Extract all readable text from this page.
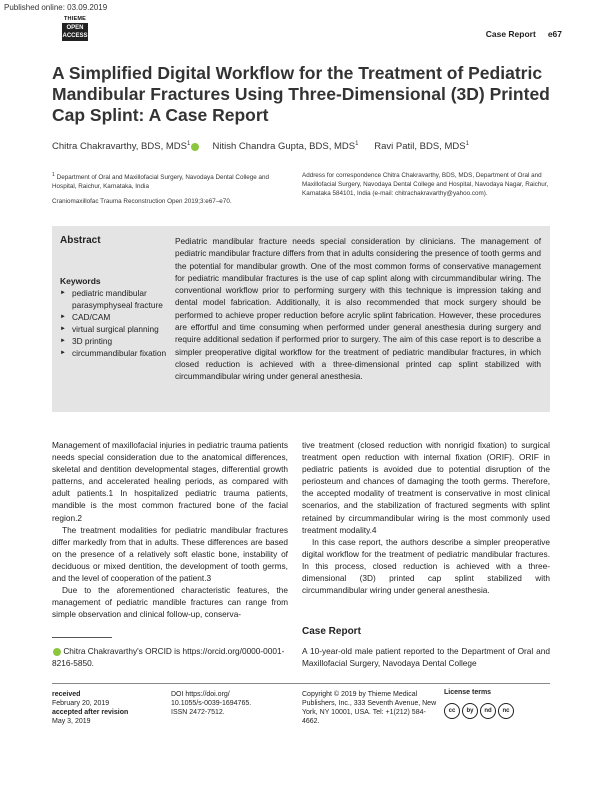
Published online: 03.09.2019
THIEME
OPEN
ACCESS	Case Report e67
A Simplified Digital Workflow for the Treatment of Pediatric Mandibular Fractures Using Three-Dimensional (3D) Printed Cap Splint: A Case Report
Chitra Chakravarthy, BDS, MDS$^1$ Nitish Chandra Gupta, BDS, MDS$^1$ Ravi Patil, BDS, MDS$^1$
$^1$ Department of Oral and Maxillofacial Surgery, Navodaya Dental College and Hospital, Raichur, Karnataka, India
Craniomaxillofac Trauma Reconstruction Open 2019;3:e67–e70.
Address for correspondence Chitra Chakravarthy, BDS, MDS, Department of Oral and Maxillofacial Surgery, Navodaya Dental College and Hospital, Navodaya Nagar, Raichur, Karnataka 584101, India (e-mail: chitrachakravarthy@yahoo.com).
Abstract
Keywords
► pediatric mandibular parasymphyseal fracture
► CAD/CAM
► virtual surgical planning
► 3D printing
► circummandibular fixation
Pediatric mandibular fracture needs special consideration by clinicians. The management of pediatric mandibular fracture differs from that in adults considering the presence of tooth germs and the potential for mandibular growth. One of the most common forms of conservative management for pediatric mandibular fractures is the use of cap splint along with circummandibular wiring. The conventional workflow prior to performing surgery with this technique is impression taking and dental model fabrication. Additionally, it is also recommended that mock surgery should be performed to achieve proper reduction before acrylic splint fabrication. However, these procedures are effortful and time consuming when performed under general anesthesia during surgery and require additional sedation if performed prior to surgery. The aim of this case report is to describe a simpler preoperative digital workflow for the treatment of pediatric mandibular fractures, in which closed reduction is achieved with a three-dimensional printed cap splint stabilized with circummandibular wiring under general anesthesia.

Management of maxillofacial injuries in pediatric trauma patients needs special consideration due to the anatomical differences, skeletal and dentition developmental stages, differential growth patterns, and accelerated healing periods, as compared with adult patients.1 In hospitalized pediatric trauma patients, mandible is the most common fractured bone of the facial region.2

The treatment modalities for pediatric mandibular fractures differ markedly from that in adults. These differences are based on the presence of a relatively soft elastic bone, instability of deciduous or mixed dentition, the development of tooth germs, and the level of cooperation of the patient.3

Due to the aforementioned characteristic features, the management of pediatric mandible fractures can range from simple observation and clinical follow-up, conserva-

Chitra Chakravarthy's ORCID is https://orcid.org/0000-0001-8216-5850.

tive treatment (closed reduction with nonrigid fixation) to surgical treatment open reduction with internal fixation (ORIF). ORIF in pediatric patients is avoided due to potential disruption of the periosteum and chances of damaging the tooth germs. Therefore, the accepted modality of treatment is conservative in most clinical scenarios, and the stabilization of fractured segments with splint retained by circummandibular wiring is the most commonly used treatment modality.4

In this case report, the authors describe a simpler preoperative digital workflow for the treatment of pediatric mandibular fractures. In this process, closed reduction is achieved with a three-dimensional (3D) printed cap splint stabilized with circummandibular wiring under general anesthesia.

Case Report
A 10-year-old male patient reported to the Department of Oral and Maxillofacial Surgery, Navodaya Dental College
received
February 20, 2019
accepted after revision
May 3, 2019
DOI https://doi.org/
10.1055/s-0039-1694765.
ISSN 2472-7512.
Copyright © 2019 by Thieme Medical Publishers, Inc., 333 Seventh Avenue, New York, NY 10001, USA. Tel: +1(212) 584-4662.
License terms
cc by nd nc
